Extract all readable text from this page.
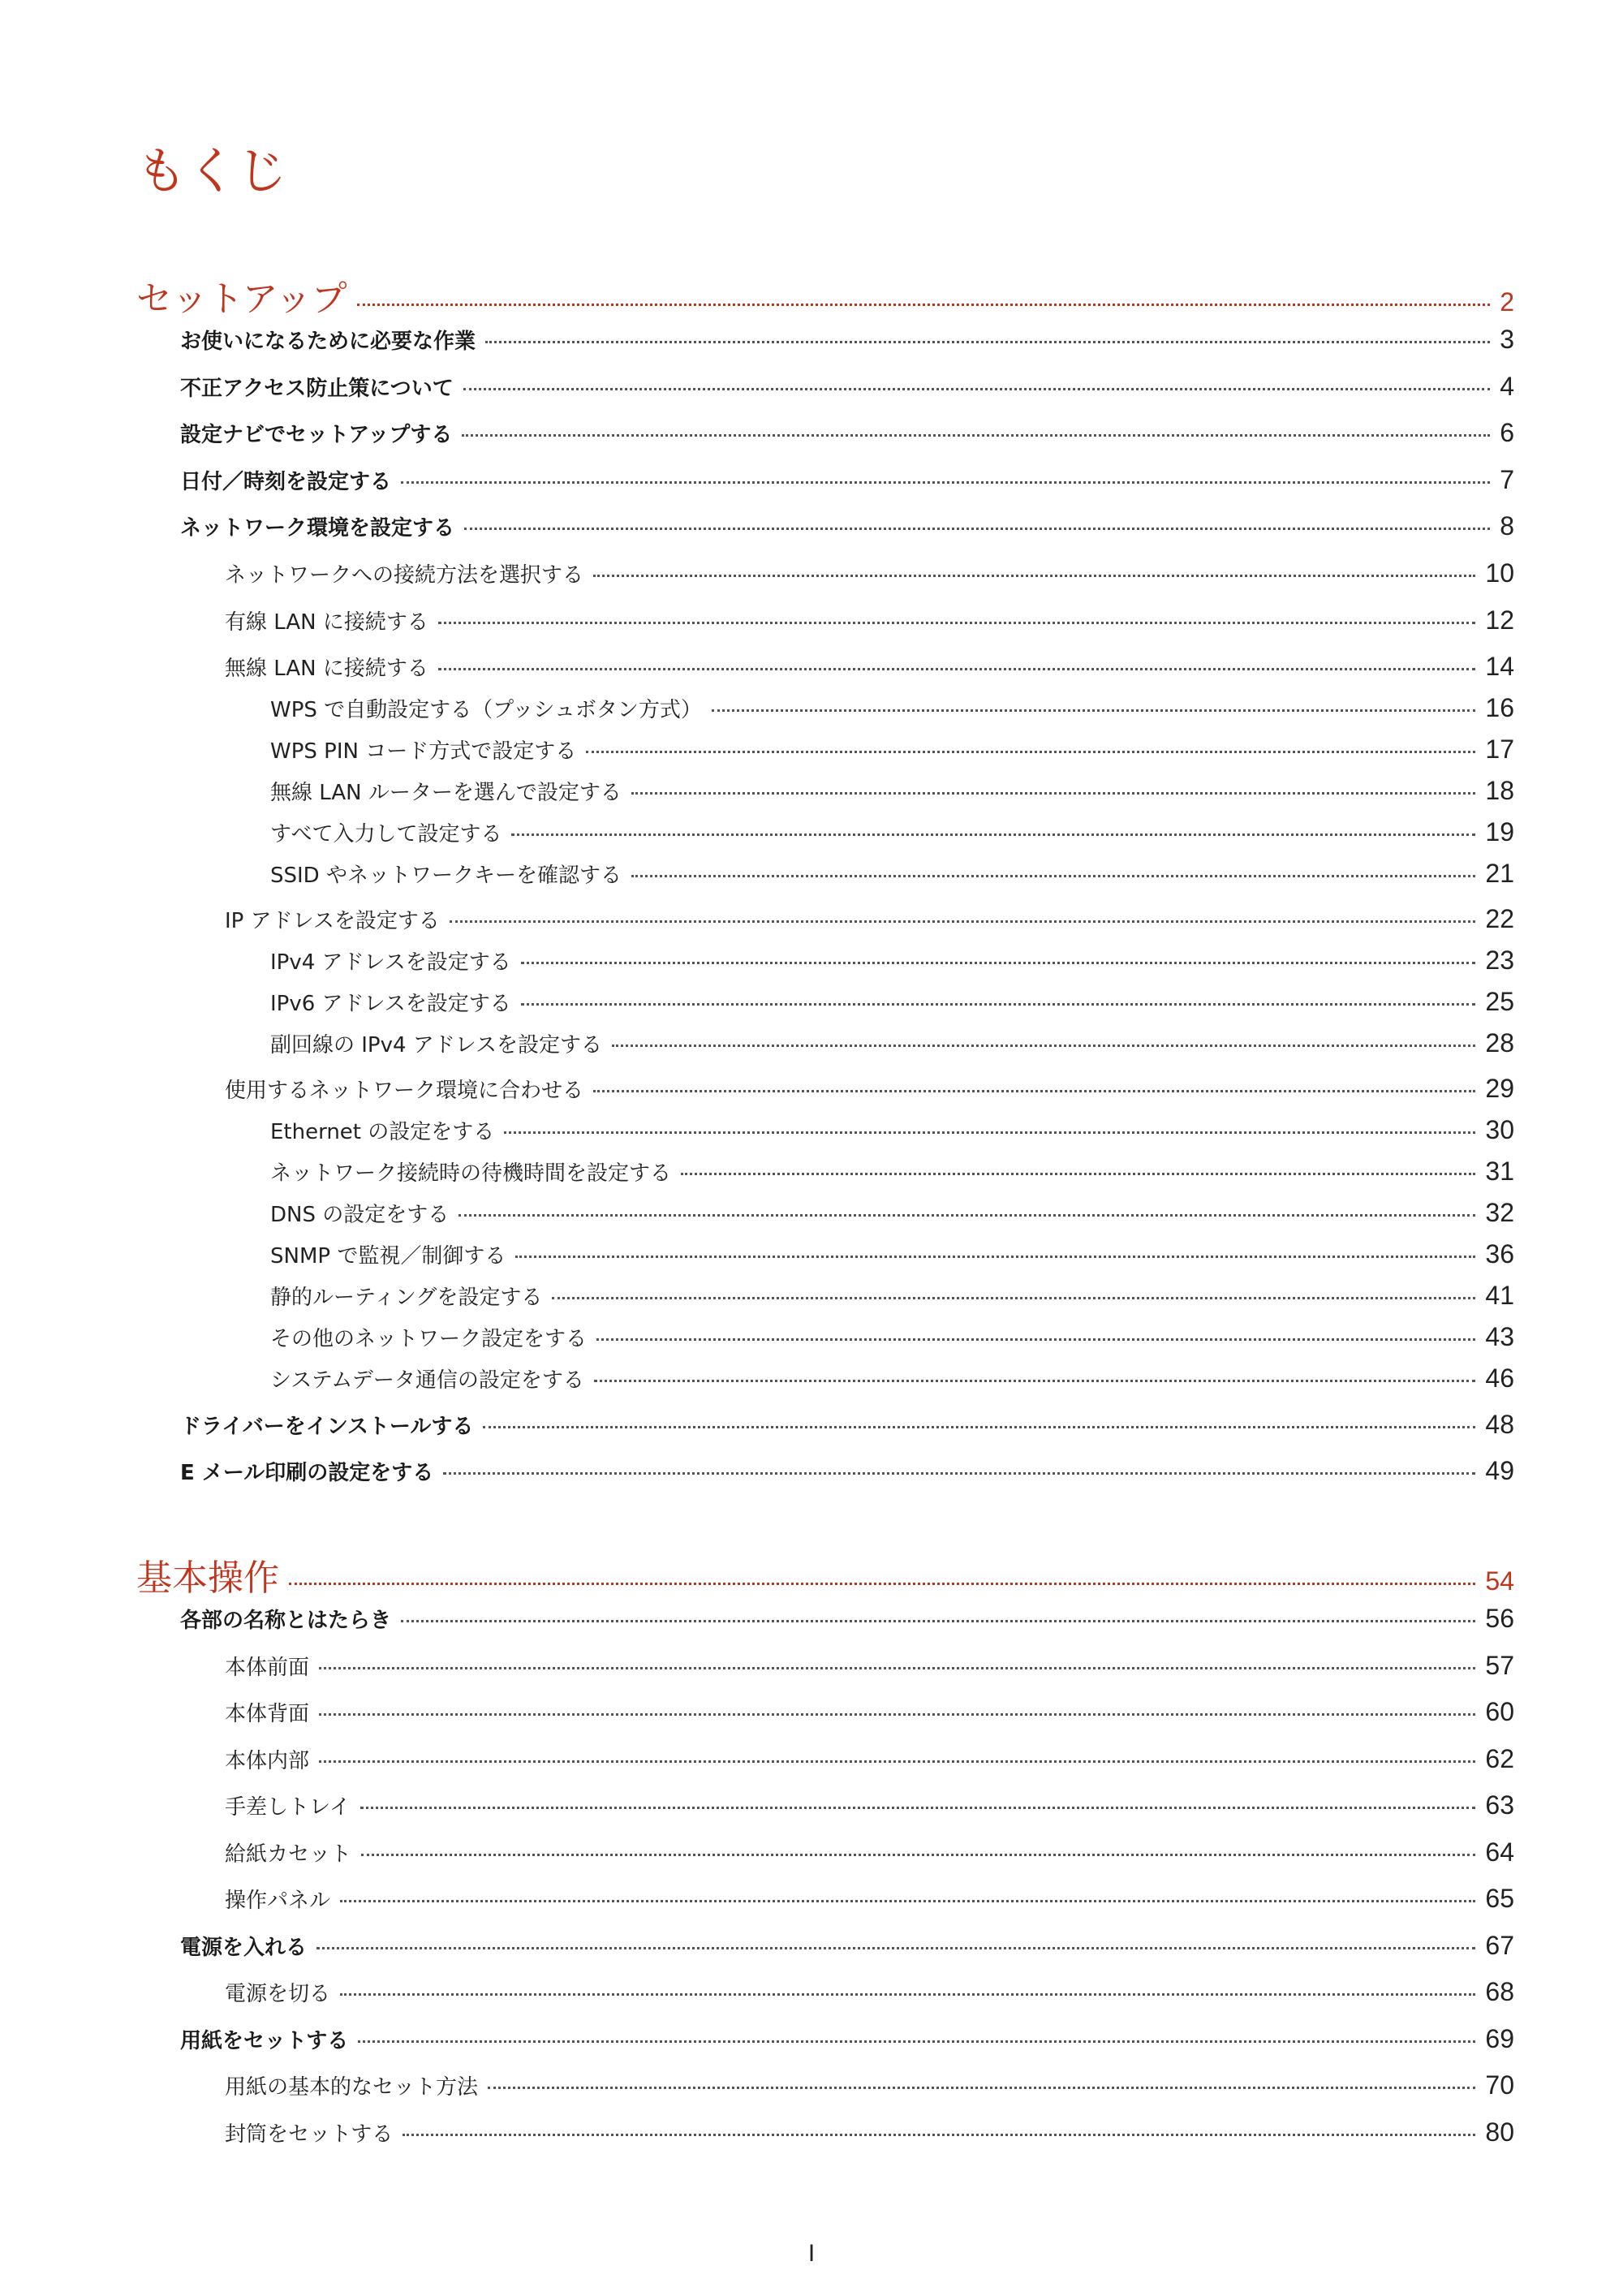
もくじ
セットアップ	2
お使いになるために必要な作業	3
不正アクセス防止策について	4
設定ナビでセットアップする	6
日付／時刻を設定する	7
ネットワーク環境を設定する	8
ネットワークへの接続方法を選択する	10
有線 LAN に接続する	12
無線 LAN に接続する	14
WPS で自動設定する（プッシュボタン方式）	16
WPS PIN コード方式で設定する	17
無線 LAN ルーターを選んで設定する	18
すべて入力して設定する	19
SSID やネットワークキーを確認する	21
IP アドレスを設定する	22
IPv4 アドレスを設定する	23
IPv6 アドレスを設定する	25
副回線の IPv4 アドレスを設定する	28
使用するネットワーク環境に合わせる	29
Ethernet の設定をする	30
ネットワーク接続時の待機時間を設定する	31
DNS の設定をする	32
SNMP で監視／制御する	36
静的ルーティングを設定する	41
その他のネットワーク設定をする	43
システムデータ通信の設定をする	46
ドライバーをインストールする	48
E メール印刷の設定をする	49
基本操作	54
各部の名称とはたらき	56
本体前面	57
本体背面	60
本体内部	62
手差しトレイ	63
給紙カセット	64
操作パネル	65
電源を入れる	67
電源を切る	68
用紙をセットする	69
用紙の基本的なセット方法	70
封筒をセットする	80
I
